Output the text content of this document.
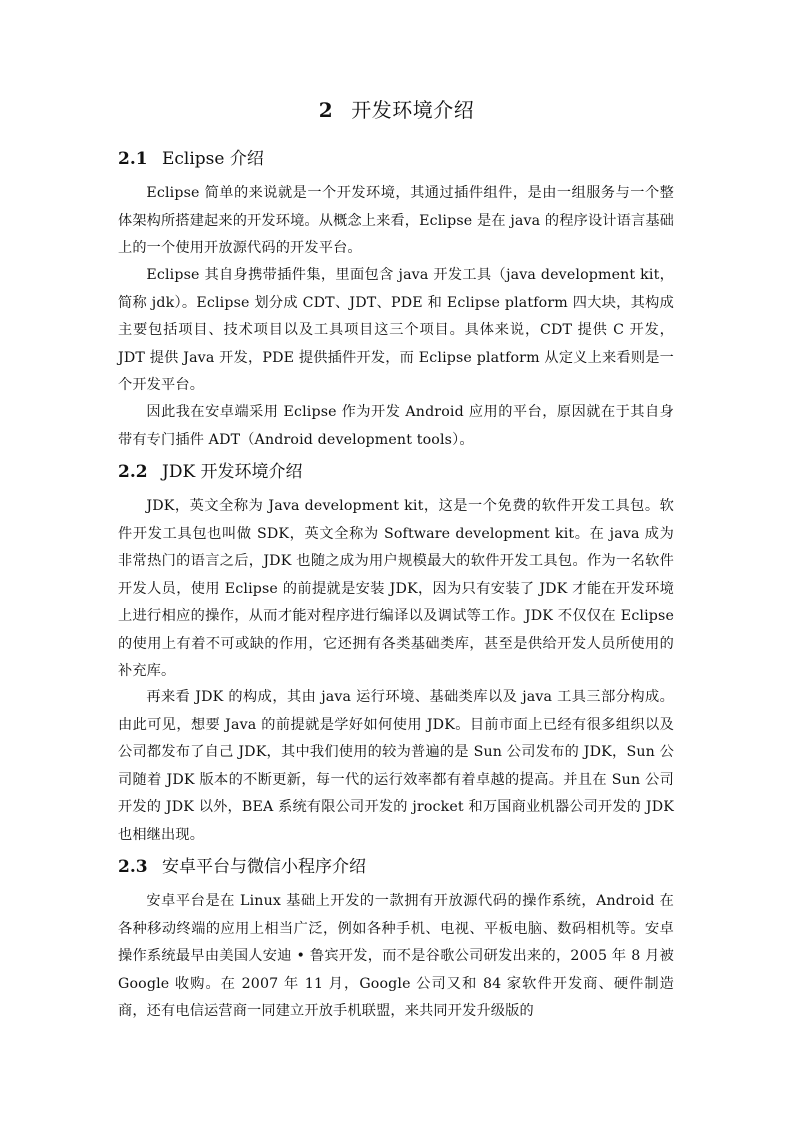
2 开发环境介绍
2.1 Eclipse 介绍

Eclipse 简单的来说就是一个开发环境，其通过插件组件，是由一组服务与一个整体架构所搭建起来的开发环境。从概念上来看，Eclipse 是在 java 的程序设计语言基础上的一个使用开放源代码的开发平台。

Eclipse 其自身携带插件集，里面包含 java 开发工具（java development kit，简称 jdk）。Eclipse 划分成 CDT、JDT、PDE 和 Eclipse platform 四大块，其构成主要包括项目、技术项目以及工具项目这三个项目。具体来说，CDT 提供 C 开发，JDT 提供 Java 开发，PDE 提供插件开发，而 Eclipse platform 从定义上来看则是一个开发平台。

因此我在安卓端采用 Eclipse 作为开发 Android 应用的平台，原因就在于其自身带有专门插件 ADT（Android development tools）。

2.2 JDK 开发环境介绍

JDK，英文全称为 Java development kit，这是一个免费的软件开发工具包。软件开发工具包也叫做 SDK，英文全称为 Software development kit。在 java 成为非常热门的语言之后，JDK 也随之成为用户规模最大的软件开发工具包。作为一名软件开发人员，使用 Eclipse 的前提就是安装 JDK，因为只有安装了 JDK 才能在开发环境上进行相应的操作，从而才能对程序进行编译以及调试等工作。JDK 不仅仅在 Eclipse 的使用上有着不可或缺的作用，它还拥有各类基础类库，甚至是供给开发人员所使用的补充库。

再来看 JDK 的构成，其由 java 运行环境、基础类库以及 java 工具三部分构成。由此可见，想要 Java 的前提就是学好如何使用 JDK。目前市面上已经有很多组织以及公司都发布了自己 JDK，其中我们使用的较为普遍的是 Sun 公司发布的 JDK，Sun 公司随着 JDK 版本的不断更新，每一代的运行效率都有着卓越的提高。并且在 Sun 公司开发的 JDK 以外，BEA 系统有限公司开发的 jrocket 和万国商业机器公司开发的 JDK 也相继出现。

2.3 安卓平台与微信小程序介绍

安卓平台是在 Linux 基础上开发的一款拥有开放源代码的操作系统，Android 在各种移动终端的应用上相当广泛，例如各种手机、电视、平板电脑、数码相机等。安卓操作系统最早由美国人安迪 • 鲁宾开发，而不是谷歌公司研发出来的，2005 年 8 月被 Google 收购。在 2007 年 11 月，Google 公司又和 84 家软件开发商、硬件制造商，还有电信运营商一同建立开放手机联盟，来共同开发升级版的
